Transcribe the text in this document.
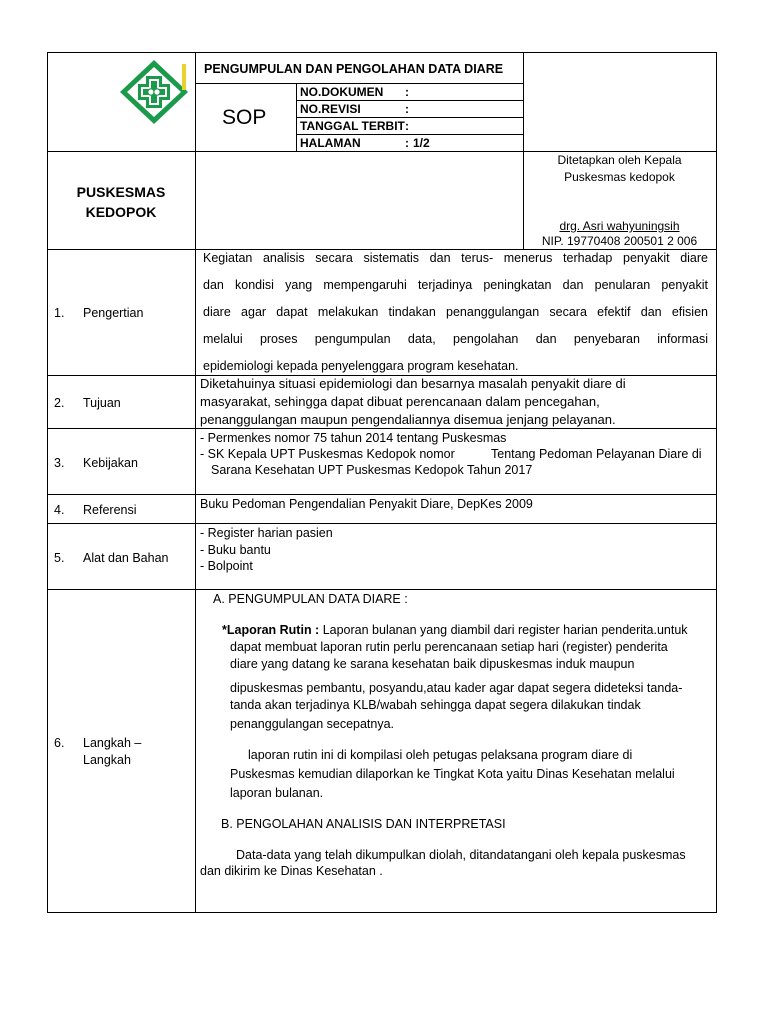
PENGUMPULAN DAN PENGOLAHAN DATA DIARE
SOP
NO.DOKUMEN :
NO.REVISI	:
TANGGAL TERBIT :
HALAMAN	: 1/2
PUSKESMAS
KEDOPOK
Ditetapkan oleh Kepala
Puskesmas kedopok
drg. Asri wahyuningsih
NIP. 19770408 200501 2 006
1. Pengertian
Kegiatan analisis secara sistematis dan terus- menerus terhadap penyakit diare
dan kondisi yang mempengaruhi terjadinya peningkatan dan penularan penyakit
diare agar dapat melakukan tindakan penanggulangan secara efektif dan efisien
melalui proses pengumpulan data, pengolahan dan penyebaran informasi
epidemiologi kepada penyelenggara program kesehatan.
2. Tujuan
Diketahuinya situasi epidemiologi dan besarnya masalah penyakit diare di
masyarakat, sehingga dapat dibuat perencanaan dalam pencegahan,
penanggulangan maupun pengendaliannya disemua jenjang pelayanan.
3. Kebijakan
- Permenkes nomor 75 tahun 2014 tentang Puskesmas
- SK Kepala UPT Puskesmas Kedopok nomor	Tentang Pedoman Pelayanan Diare di
Sarana Kesehatan UPT Puskesmas Kedopok Tahun 2017
4. Referensi	Buku Pedoman Pengendalian Penyakit Diare, DepKes 2009
5. Alat dan Bahan
- Register harian pasien
- Buku bantu
- Bolpoint
6. Langkah –
Langkah
A. PENGUMPULAN DATA DIARE :
*Laporan Rutin : Laporan bulanan yang diambil dari register harian penderita.untuk
dapat membuat laporan rutin perlu perencanaan setiap hari (register) penderita
diare yang datang ke sarana kesehatan baik dipuskesmas induk maupun
dipuskesmas pembantu, posyandu,atau kader agar dapat segera dideteksi tanda-
tanda akan terjadinya KLB/wabah sehingga dapat segera dilakukan tindak
penanggulangan secepatnya.
laporan rutin ini di kompilasi oleh petugas pelaksana program diare di
Puskesmas kemudian dilaporkan ke Tingkat Kota yaitu Dinas Kesehatan melalui
laporan bulanan.
B. PENGOLAHAN ANALISIS DAN INTERPRETASI
Data-data yang telah dikumpulkan diolah, ditandatangani oleh kepala puskesmas
dan dikirim ke Dinas Kesehatan .
